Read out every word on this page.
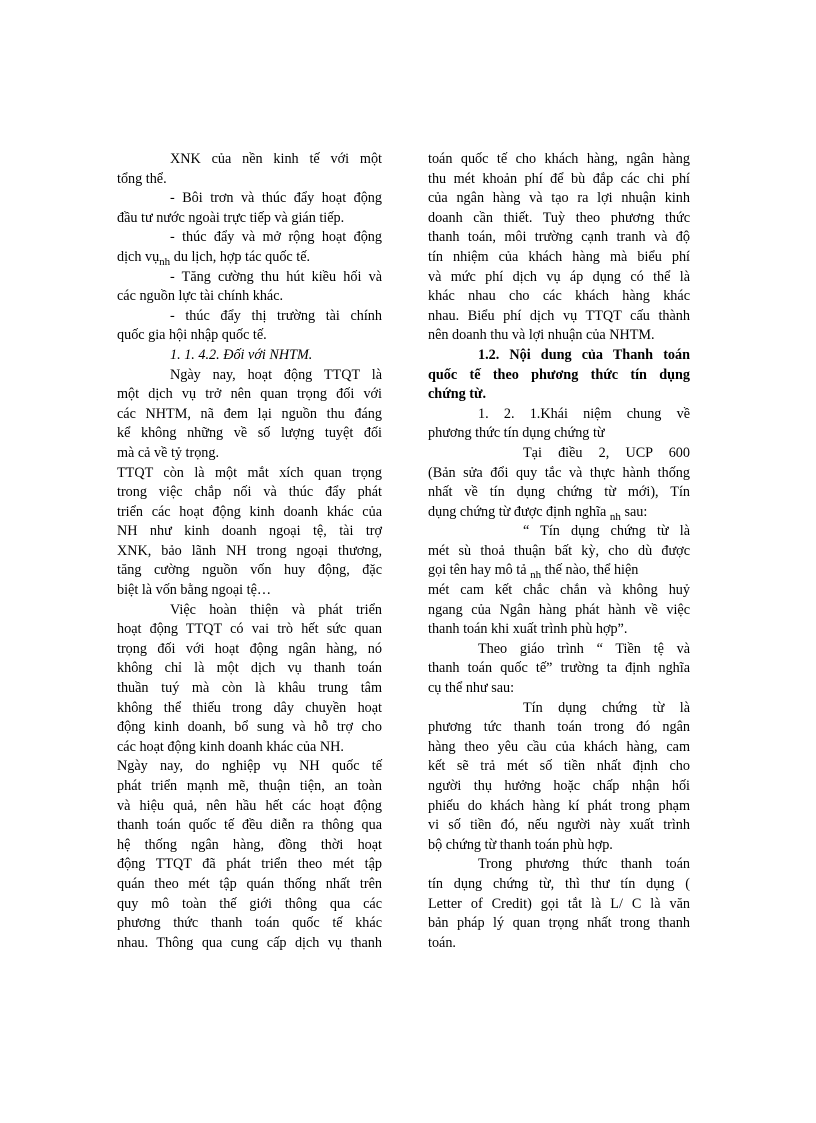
XNK của nền kinh tế với một
tổng thể.
- Bôi trơn và thúc đẩy hoạt động
đầu tư nước ngoài trực tiếp và gián tiếp.
- thúc đẩy và mở rộng hoạt động
dịch vụ$_{nh}$ du lịch, hợp tác quốc tế.
- Tăng cường thu hút kiều hối và
các nguồn lực tài chính khác.
- thúc đẩy thị trường tài chính
quốc gia hội nhập quốc tế.
1. 1. 4.2. Đối với NHTM.
Ngày nay, hoạt động TTQT là
một dịch vụ trở nên quan trọng đối với
các NHTM, nã đem lại nguồn thu đáng
kể không những về số lượng tuyệt đối
mà cả về tỷ trọng.
TTQT còn là một mắt xích quan trọng
trong việc chắp nối và thúc đẩy phát
triển các hoạt động kinh doanh khác của
NH như kinh doanh ngoại tệ, tài trợ
XNK, bảo lãnh NH trong ngoại thương,
tăng cường nguồn vốn huy động, đặc
biệt là vốn bằng ngoại tệ…
Việc hoàn thiện và phát triển
hoạt động TTQT có vai trò hết sức quan
trọng đối với hoạt động ngân hàng, nó
không chỉ là một dịch vụ thanh toán
thuần tuý mà còn là khâu trung tâm
không thể thiếu trong dây chuyền hoạt
động kinh doanh, bổ sung và hỗ trợ cho
các hoạt động kinh doanh khác của NH.
Ngày nay, do nghiệp vụ NH quốc tế
phát triển mạnh mẽ, thuận tiện, an toàn
và hiệu quả, nên hầu hết các hoạt động
thanh toán quốc tế đều diễn ra thông qua
hệ thống ngân hàng, đồng thời hoạt
động TTQT đã phát triển theo mét tập
quán theo mét tập quán thống nhất trên
quy mô toàn thế giới thông qua các
phương thức thanh toán quốc tế khác
nhau. Thông qua cung cấp dịch vụ thanh
toán quốc tế cho khách hàng, ngân hàng
thu mét khoản phí để bù đắp các chi phí
của ngân hàng và tạo ra lợi nhuận kinh
doanh cần thiết. Tuỳ theo phương thức
thanh toán, môi trường cạnh tranh và độ
tín nhiệm của khách hàng mà biểu phí
và mức phí dịch vụ áp dụng có thể là
khác nhau cho các khách hàng khác
nhau. Biểu phí dịch vụ TTQT cấu thành
nên doanh thu và lợi nhuận của NHTM.
1.2. Nội dung của Thanh toán
quốc tế theo phương thức tín dụng
chứng từ.
1. 2. 1.Khái niệm chung về
phương thức tín dụng chứng từ
Tại điều 2, UCP 600
(Bản sửa đổi quy tắc và thực hành thống
nhất về tín dụng chứng từ mới), Tín
dụng chứng từ được định nghĩa $_{nh}$ sau:
“ Tín dụng chứng từ là
mét sù thoả thuận bất kỳ, cho dù được
gọi tên hay mô tả $_{nh}$ thế nào, thể hiện
mét cam kết chắc chắn và không huỷ
ngang của Ngân hàng phát hành về việc
thanh toán khi xuất trình phù hợp”.
Theo giáo trình “ Tiền tệ và
thanh toán quốc tế” trường ta định nghĩa
cụ thể như sau:
Tín dụng chứng từ là
phương tức thanh toán trong đó ngân
hàng theo yêu cầu của khách hàng, cam
kết sẽ trả mét số tiền nhất định cho
người thụ hưởng hoặc chấp nhận hối
phiếu do khách hàng kí phát trong phạm
vi số tiền đó, nếu người này xuất trình
bộ chứng từ thanh toán phù hợp.
Trong phương thức thanh toán
tín dụng chứng từ, thì thư tín dụng (
Letter of Credit) gọi tắt là L/ C là văn
bản pháp lý quan trọng nhất trong thanh
toán.
